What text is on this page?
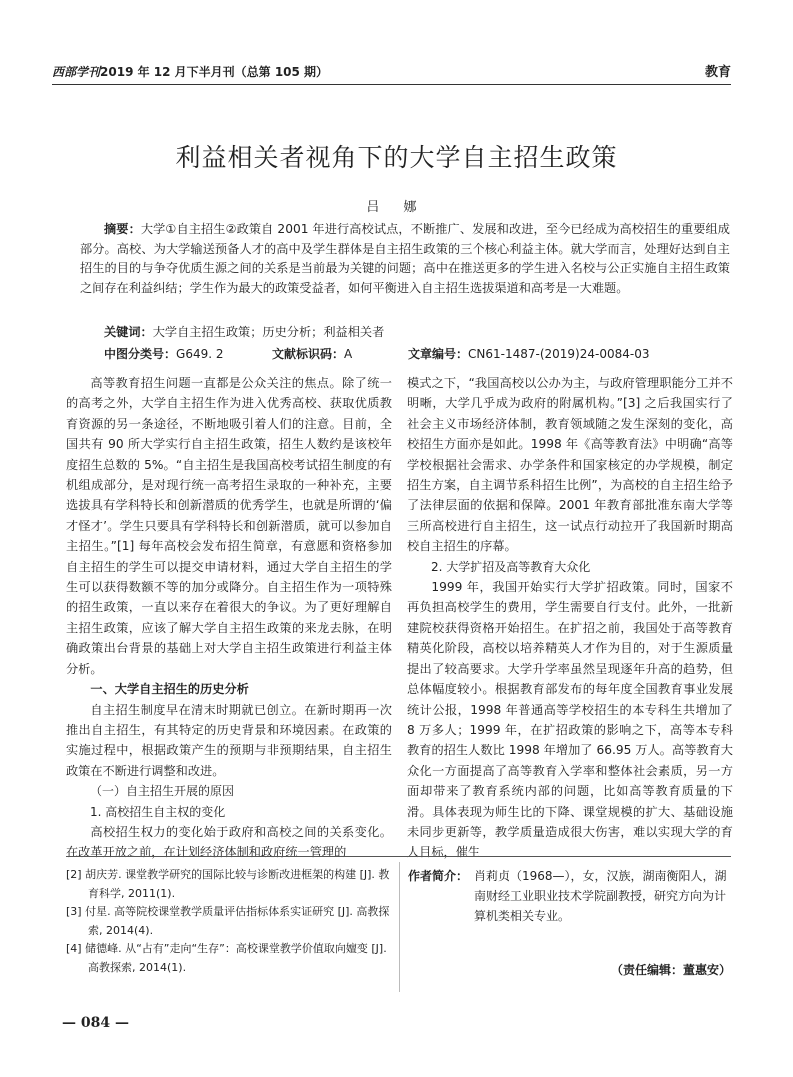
西部学刊2019 年 12 月下半月刊（总第 105 期）	教育
利益相关者视角下的大学自主招生政策
吕 娜
摘要：大学①自主招生②政策自 2001 年进行高校试点，不断推广、发展和改进，至今已经成为高校招生的重要组成部分。高校、为大学输送预备人才的高中及学生群体是自主招生政策的三个核心利益主体。就大学而言，处理好达到自主招生的目的与争夺优质生源之间的关系是当前最为关键的问题；高中在推送更多的学生进入名校与公正实施自主招生政策之间存在利益纠结；学生作为最大的政策受益者，如何平衡进入自主招生选拔渠道和高考是一大难题。
关键词：大学自主招生政策；历史分析；利益相关者
中图分类号：G649. 2	文献标识码：A	文章编号：CN61-1487-(2019)24-0084-03

高等教育招生问题一直都是公众关注的焦点。除了统一的高考之外，大学自主招生作为进入优秀高校、获取优质教育资源的另一条途径，不断地吸引着人们的注意。目前，全国共有 90 所大学实行自主招生政策，招生人数约是该校年度招生总数的 5%。“自主招生是我国高校考试招生制度的有机组成部分，是对现行统一高考招生录取的一种补充，主要选拔具有学科特长和创新潜质的优秀学生，也就是所谓的‘偏才怪才’。学生只要具有学科特长和创新潜质，就可以参加自主招生。”[1] 每年高校会发布招生简章，有意愿和资格参加自主招生的学生可以提交申请材料，通过大学自主招生的学生可以获得数额不等的加分或降分。自主招生作为一项特殊的招生政策，一直以来存在着很大的争议。为了更好理解自主招生政策，应该了解大学自主招生政策的来龙去脉，在明确政策出台背景的基础上对大学自主招生政策进行利益主体分析。

一、大学自主招生的历史分析

自主招生制度早在清末时期就已创立。在新时期再一次推出自主招生，有其特定的历史背景和环境因素。在政策的实施过程中，根据政策产生的预期与非预期结果，自主招生政策在不断进行调整和改进。

（一）自主招生开展的原因
1. 高校招生自主权的变化

高校招生权力的变化始于政府和高校之间的关系变化。在改革开放之前，在计划经济体制和政府统一管理的

模式之下，“我国高校以公办为主，与政府管理职能分工并不明晰，大学几乎成为政府的附属机构。”[3] 之后我国实行了社会主义市场经济体制，教育领域随之发生深刻的变化，高校招生方面亦是如此。1998 年《高等教育法》中明确“高等学校根据社会需求、办学条件和国家核定的办学规模，制定招生方案，自主调节系科招生比例”，为高校的自主招生给予了法律层面的依据和保障。2001 年教育部批准东南大学等三所高校进行自主招生，这一试点行动拉开了我国新时期高校自主招生的序幕。

2. 大学扩招及高等教育大众化

1999 年，我国开始实行大学扩招政策。同时，国家不再负担高校学生的费用，学生需要自行支付。此外，一批新建院校获得资格开始招生。在扩招之前，我国处于高等教育精英化阶段，高校以培养精英人才作为目的，对于生源质量提出了较高要求。大学升学率虽然呈现逐年升高的趋势，但总体幅度较小。根据教育部发布的每年度全国教育事业发展统计公报，1998 年普通高等学校招生的本专科生共增加了 8 万多人；1999 年，在扩招政策的影响之下，高等本专科教育的招生人数比 1998 年增加了 66.95 万人。高等教育大众化一方面提高了高等教育入学率和整体社会素质，另一方面却带来了教育系统内部的问题，比如高等教育质量的下滑。具体表现为师生比的下降、课堂规模的扩大、基础设施未同步更新等，教学质量造成很大伤害，难以实现大学的育人目标，催生

[2] 胡庆芳. 课堂教学研究的国际比较与诊断改进框架的构建 [J]. 教育科学, 2011(1).
[3] 付星. 高等院校课堂教学质量评估指标体系实证研究 [J]. 高教探索, 2014(4).
[4] 储德峰. 从“占有”走向“生存”：高校课堂教学价值取向嬗变 [J]. 高教探索, 2014(1).
作者简介： 肖莉贞（1968—），女，汉族，湖南衡阳人，湖南财经工业职业技术学院副教授，研究方向为计算机类相关专业。
（责任编辑：董惠安）
— 084 —
